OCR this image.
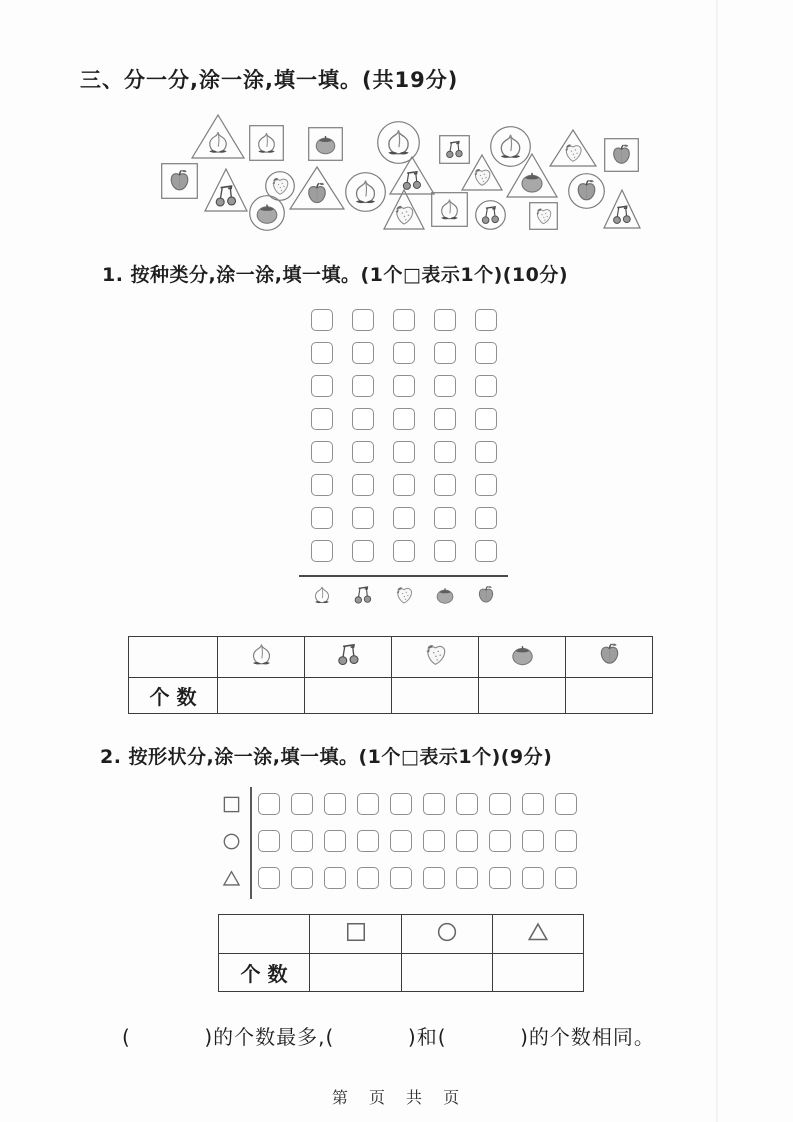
三、分一分,涂一涂,填一填。(共19分)
1. 按种类分,涂一涂,填一填。(1个□表示1个)(10分)

个数					
2. 按形状分,涂一涂,填一填。(1个□表示1个)(9分)

个数			
(          )的个数最多,(          )和(          )的个数相同。
第 页 共 页
